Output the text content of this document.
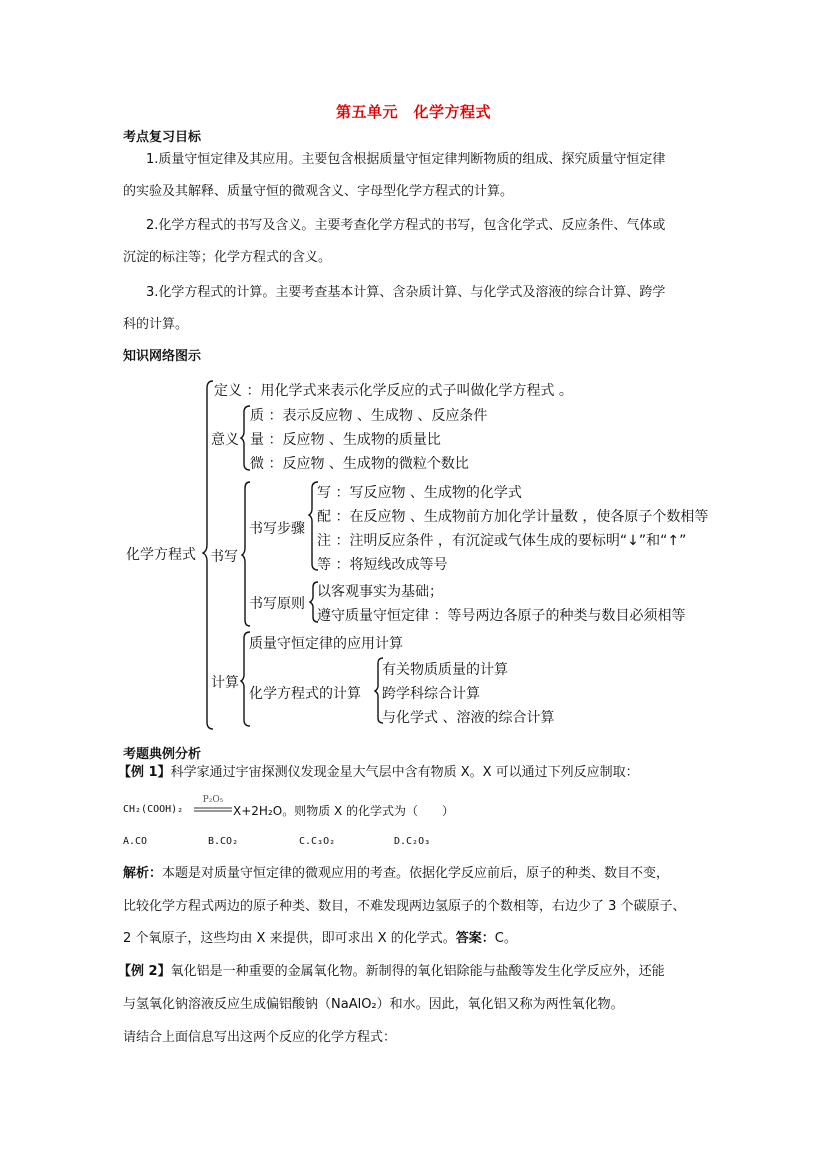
第五单元　化学方程式
考点复习目标
1.质量守恒定律及其应用。主要包含根据质量守恒定律判断物质的组成、探究质量守恒定律
的实验及其解释、质量守恒的微观含义、字母型化学方程式的计算。
2.化学方程式的书写及含义。主要考查化学方程式的书写，包含化学式、反应条件、气体或
沉淀的标注等；化学方程式的含义。
3.化学方程式的计算。主要考查基本计算、含杂质计算、与化学式及溶液的综合计算、跨学
科的计算。
知识网络图示
化学方程式
定义 ：用化学式来表示化学反应的式子叫做化学方程式 。
意义
质 ：表示反应物 、生成物 、反应条件
量 ：反应物 、生成物的质量比
微 ：反应物 、生成物的微粒个数比
书写
书写步骤
写 ：写反应物 、生成物的化学式
配 ：在反应物 、生成物前方加化学计量数 ，使各原子个数相等
注 ：注明反应条件 ，有沉淀或气体生成的要标明“↓”和“↑”
等 ：将短线改成等号
书写原则
以客观事实为基础；
遵守质量守恒定律 ：等号两边各原子的种类与数目必须相等
计算
质量守恒定律的应用计算
化学方程式的计算
有关物质质量的计算
跨学科综合计算
与化学式 、溶液的综合计算
考题典例分析
【例 1】科学家通过宇宙探测仪发现金星大气层中含有物质 X。X 可以通过下列反应制取：
CH₂(COOH)₂
P₂O₅
X+2H₂O。则物质 X 的化学式为（　　）
A.CO	B.CO₂	C.C₃O₂	D.C₂O₃
解析：本题是对质量守恒定律的微观应用的考查。依据化学反应前后，原子的种类、数目不变，
比较化学方程式两边的原子种类、数目，不难发现两边氢原子的个数相等，右边少了 3 个碳原子、
2 个氧原子，这些均由 X 来提供，即可求出 X 的化学式。答案：C。
【例 2】氧化铝是一种重要的金属氧化物。新制得的氧化铝除能与盐酸等发生化学反应外，还能
与氢氧化钠溶液反应生成偏铝酸钠（NaAlO₂）和水。因此，氧化铝又称为两性氧化物。
请结合上面信息写出这两个反应的化学方程式：
